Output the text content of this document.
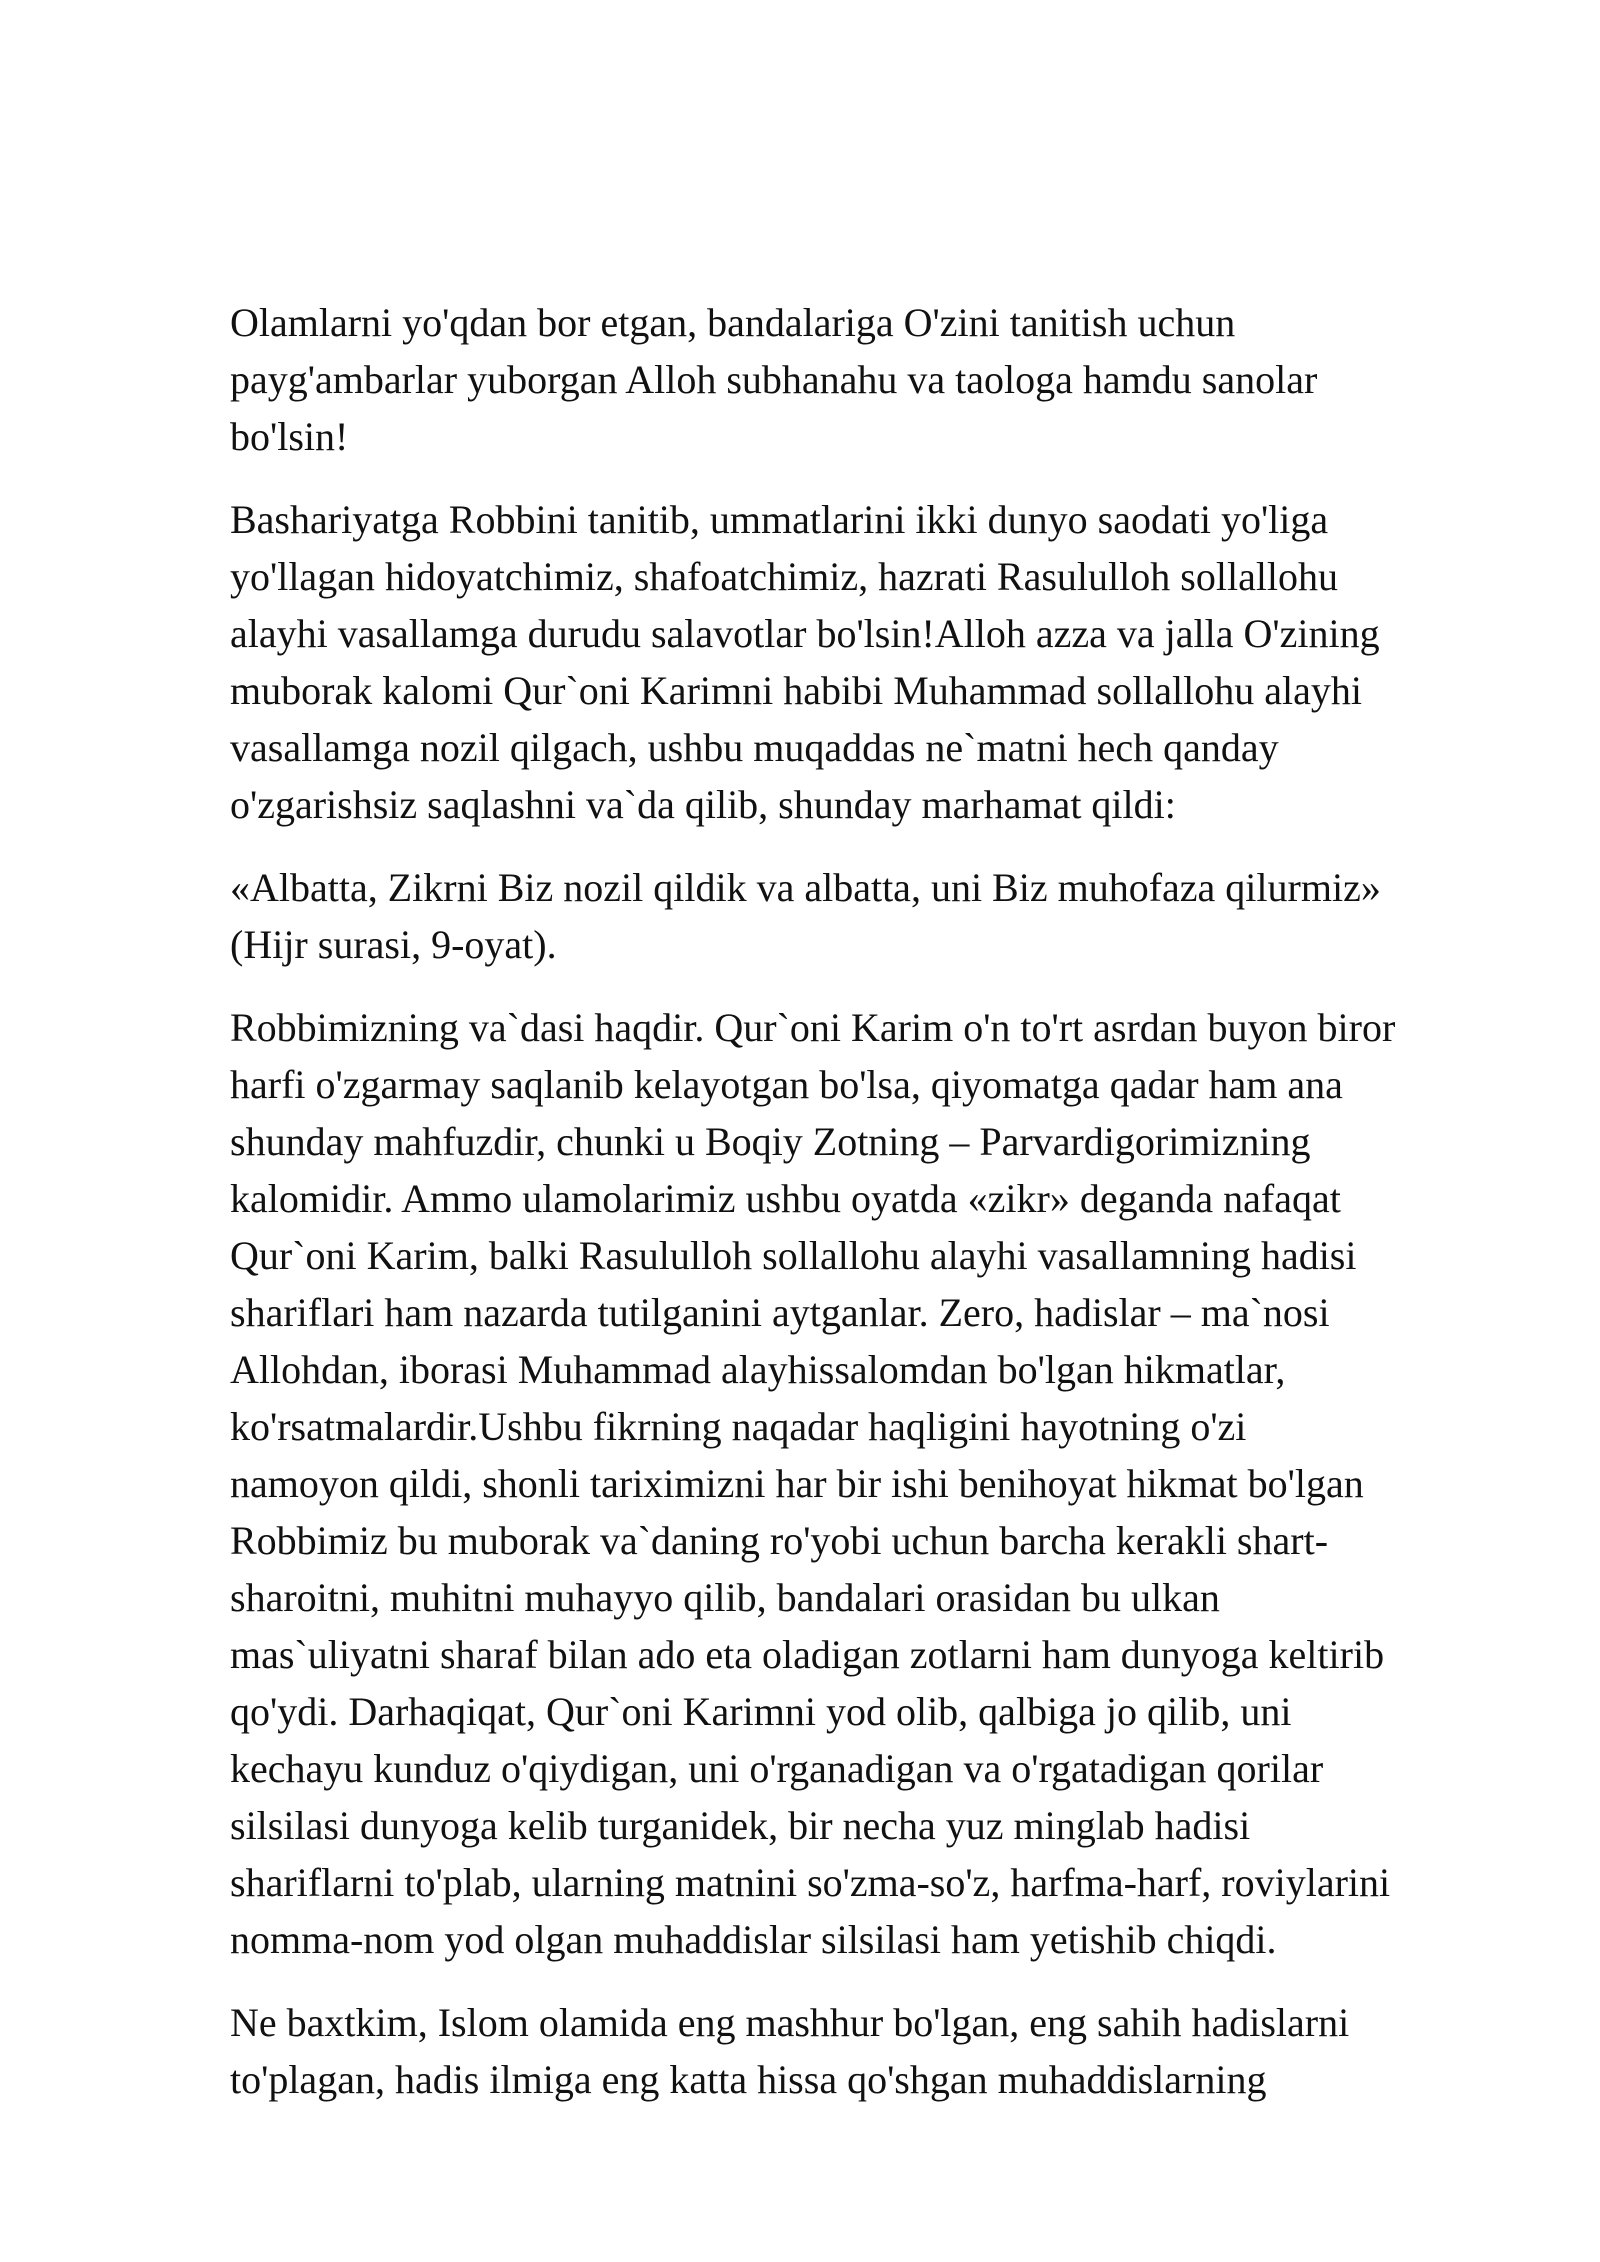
Olamlarni yo'qdan bor etgan, bandalariga O'zini tanitish uchun
payg'ambarlar yuborgan Alloh subhanahu va taologa hamdu sanolar
bo'lsin!

Bashariyatga Robbini tanitib, ummatlarini ikki dunyo saodati yo'liga
yo'llagan hidoyatchimiz, shafoatchimiz, hazrati Rasululloh sollallohu
alayhi vasallamga durudu salavotlar bo'lsin!Alloh azza va jalla O'zining
muborak kalomi Qur`oni Karimni habibi Muhammad sollallohu alayhi
vasallamga nozil qilgach, ushbu muqaddas ne`matni hech qanday
o'zgarishsiz saqlashni va`da qilib, shunday marhamat qildi:

«Albatta, Zikrni Biz nozil qildik va albatta, uni Biz muhofaza qilurmiz»
(Hijr surasi, 9-oyat).

Robbimizning va`dasi haqdir. Qur`oni Karim o'n to'rt asrdan buyon biror
harfi o'zgarmay saqlanib kelayotgan bo'lsa, qiyomatga qadar ham ana
shunday mahfuzdir, chunki u Boqiy Zotning – Parvardigorimizning
kalomidir. Ammo ulamolarimiz ushbu oyatda «zikr» deganda nafaqat
Qur`oni Karim, balki Rasululloh sollallohu alayhi vasallamning hadisi
shariflari ham nazarda tutilganini aytganlar. Zero, hadislar – ma`nosi
Allohdan, iborasi Muhammad alayhissalomdan bo'lgan hikmatlar,
ko'rsatmalardir.Ushbu fikrning naqadar haqligini hayotning o'zi
namoyon qildi, shonli tariximizni har bir ishi benihoyat hikmat bo'lgan
Robbimiz bu muborak va`daning ro'yobi uchun barcha kerakli shart-
sharoitni, muhitni muhayyo qilib, bandalari orasidan bu ulkan
mas`uliyatni sharaf bilan ado eta oladigan zotlarni ham dunyoga keltirib
qo'ydi. Darhaqiqat, Qur`oni Karimni yod olib, qalbiga jo qilib, uni
kechayu kunduz o'qiydigan, uni o'rganadigan va o'rgatadigan qorilar
silsilasi dunyoga kelib turganidek, bir necha yuz minglab hadisi
shariflarni to'plab, ularning matnini so'zma-so'z, harfma-harf, roviylarini
nomma-nom yod olgan muhaddislar silsilasi ham yetishib chiqdi.

Ne baxtkim, Islom olamida eng mashhur bo'lgan, eng sahih hadislarni
to'plagan, hadis ilmiga eng katta hissa qo'shgan muhaddislarning
